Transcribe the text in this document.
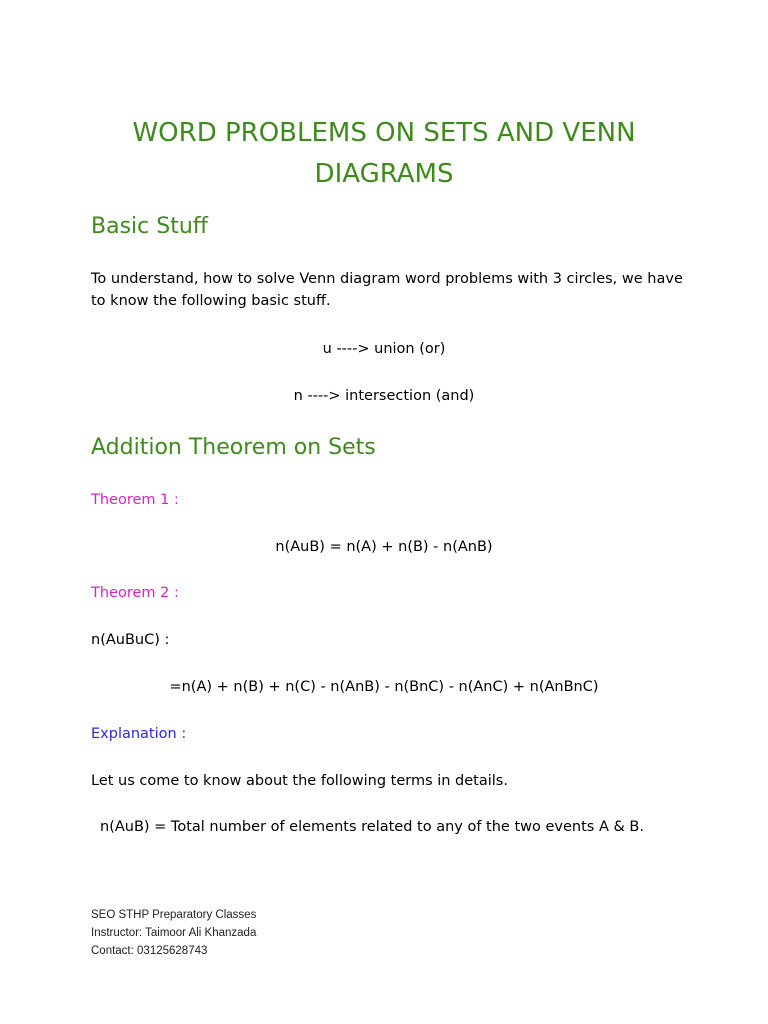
WORD PROBLEMS ON SETS AND VENN DIAGRAMS
Basic Stuff

To understand, how to solve Venn diagram word problems with 3 circles, we have to know the following basic stuff.

u ----> union (or)

n ----> intersection (and)

Addition Theorem on Sets

Theorem 1 :

n(AuB) = n(A) + n(B) - n(AnB)

Theorem 2 :

n(AuBuC) :

=n(A) + n(B) + n(C) - n(AnB) - n(BnC) - n(AnC) + n(AnBnC)

Explanation :

Let us come to know about the following terms in details.

n(AuB) = Total number of elements related to any of the two events A & B.

SEO STHP Preparatory Classes
Instructor: Taimoor Ali Khanzada
Contact: 03125628743
